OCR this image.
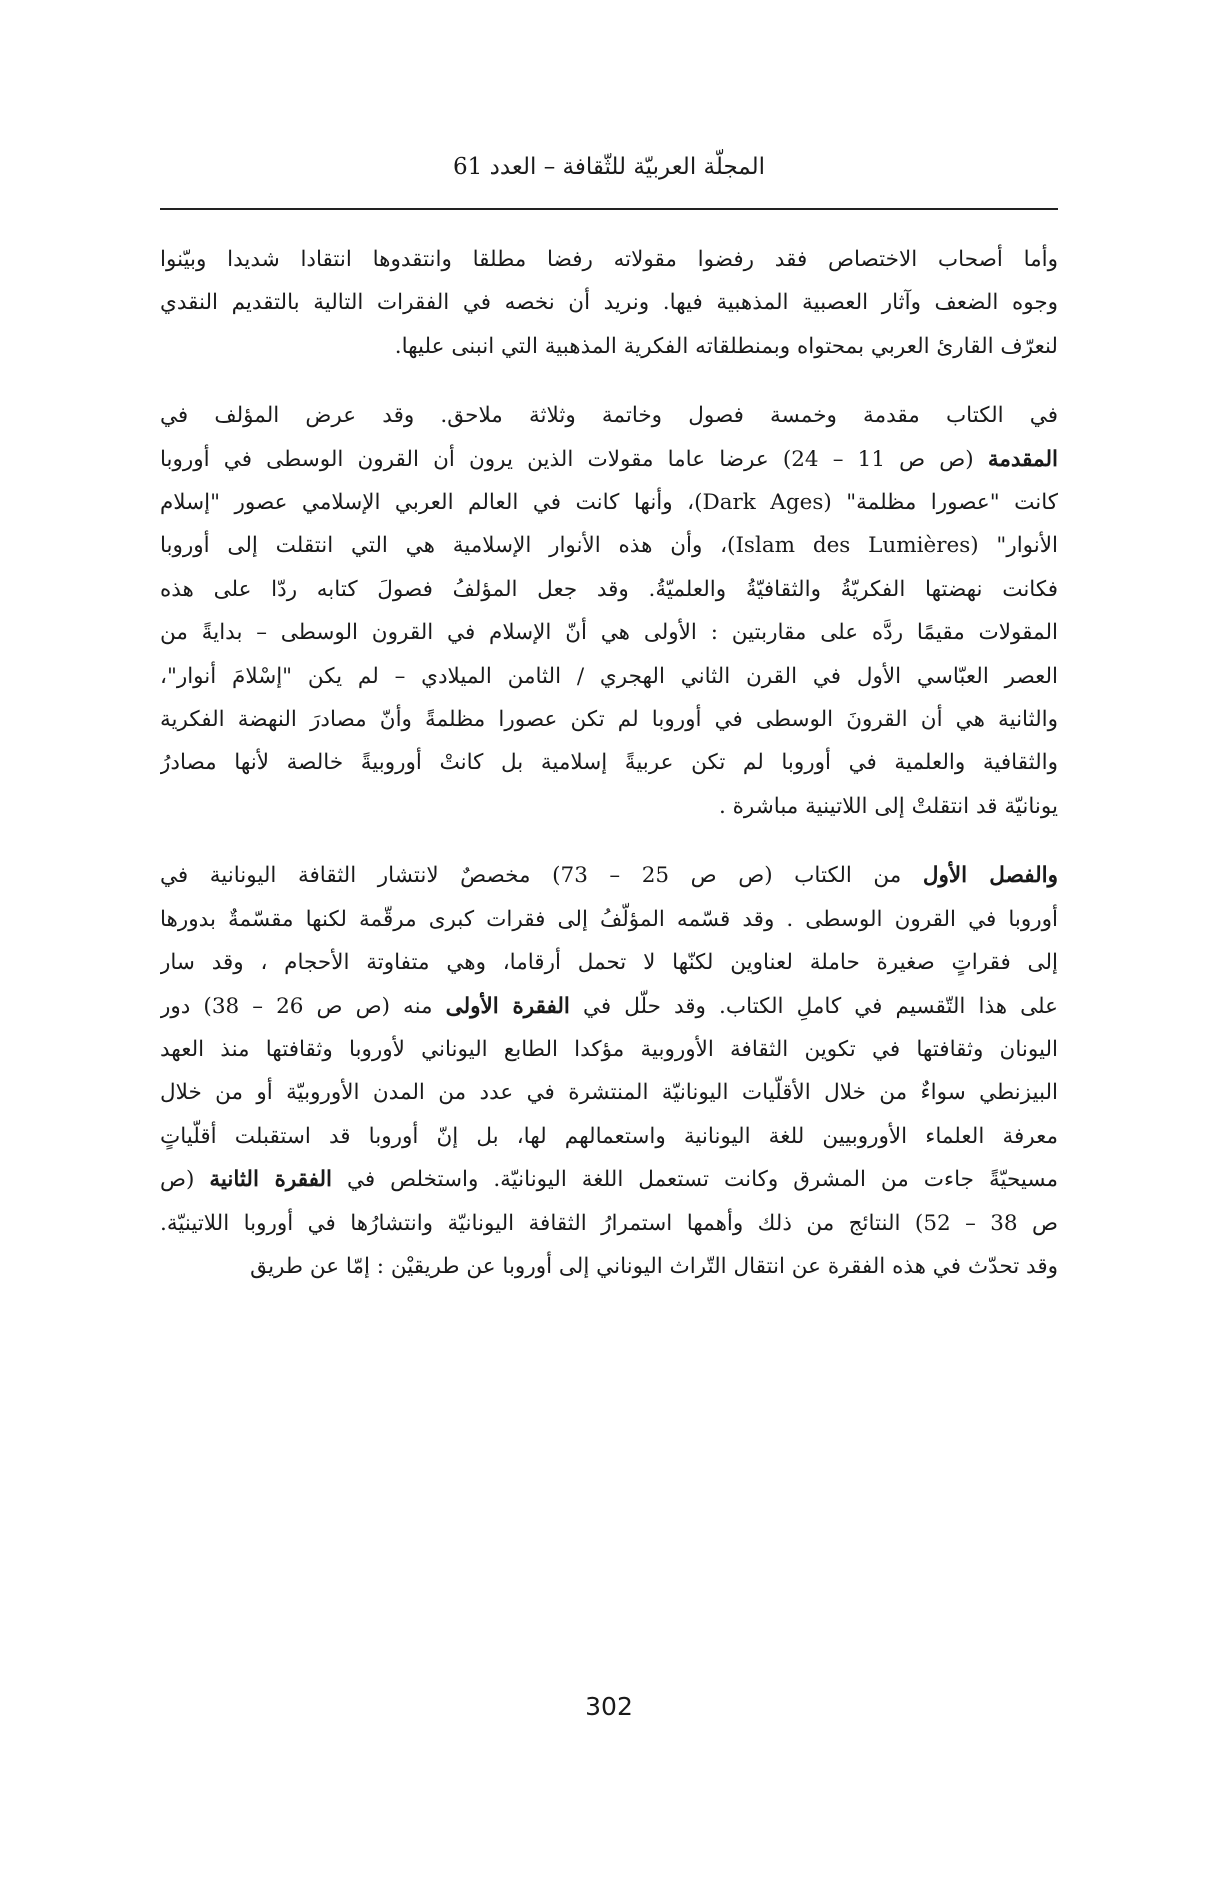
المجلّة العربيّة للثّقافة – العدد 61
وأما أصحاب الاختصاص فقد رفضوا مقولاته رفضا مطلقا وانتقدوها انتقادا شديدا وبيّنوا
وجوه الضعف وآثار العصبية المذهبية فيها. ونريد أن نخصه في الفقرات التالية بالتقديم النقدي
لنعرّف القارئ العربي بمحتواه وبمنطلقاته الفكرية المذهبية التي انبنى عليها.
في الكتاب مقدمة وخمسة فصول وخاتمة وثلاثة ملاحق. وقد عرض المؤلف في
المقدمة (ص ص 11 – 24) عرضا عاما مقولات الذين يرون أن القرون الوسطى في أوروبا
كانت "عصورا مظلمة" (Dark Ages)، وأنها كانت في العالم العربي الإسلامي عصور "إسلام
الأنوار" (Islam des Lumières)، وأن هذه الأنوار الإسلامية هي التي انتقلت إلى أوروبا
فكانت نهضتها الفكريّةُ والثقافيّةُ والعلميّةُ. وقد جعل المؤلفُ فصولَ كتابه ردّا على هذه
المقولات مقيمًا ردَّه على مقاربتين : الأولى هي أنّ الإسلام في القرون الوسطى – بدايةً من
العصر العبّاسي الأول في القرن الثاني الهجري / الثامن الميلادي – لم يكن "إسْلامَ أنوار"،
والثانية هي أن القرونَ الوسطى في أوروبا لم تكن عصورا مظلمةً وأنّ مصادرَ النهضة الفكرية
والثقافية والعلمية في أوروبا لم تكن عربيةً إسلامية بل كانتْ أوروبيةً خالصة لأنها مصادرُ
يونانيّة قد انتقلتْ إلى اللاتينية مباشرة .
والفصل الأول من الكتاب (ص ص 25 – 73) مخصصٌ لانتشار الثقافة اليونانية في
أوروبا في القرون الوسطى . وقد قسّمه المؤلّفُ إلى فقرات كبرى مرقّمة لكنها مقسّمةٌ بدورها
إلى فقراتٍ صغيرة حاملة لعناوين لكنّها لا تحمل أرقاما، وهي متفاوتة الأحجام ، وقد سار
على هذا التّقسيم في كاملِ الكتاب. وقد حلّل في الفقرة الأولى منه (ص ص 26 – 38) دور
اليونان وثقافتها في تكوين الثقافة الأوروبية مؤكدا الطابع اليوناني لأوروبا وثقافتها منذ العهد
البيزنطي سواءٌ من خلال الأقلّيات اليونانيّة المنتشرة في عدد من المدن الأوروبيّة أو من خلال
معرفة العلماء الأوروبيين للغة اليونانية واستعمالهم لها، بل إنّ أوروبا قد استقبلت أقلّياتٍ
مسيحيّةً جاءت من المشرق وكانت تستعمل اللغة اليونانيّة. واستخلص في الفقرة الثانية (ص
ص 38 – 52) النتائج من ذلك وأهمها استمرارُ الثقافة اليونانيّة وانتشارُها في أوروبا اللاتينيّة.
وقد تحدّث في هذه الفقرة عن انتقال التّراث اليوناني إلى أوروبا عن طريقيْن : إمّا عن طريق
302
